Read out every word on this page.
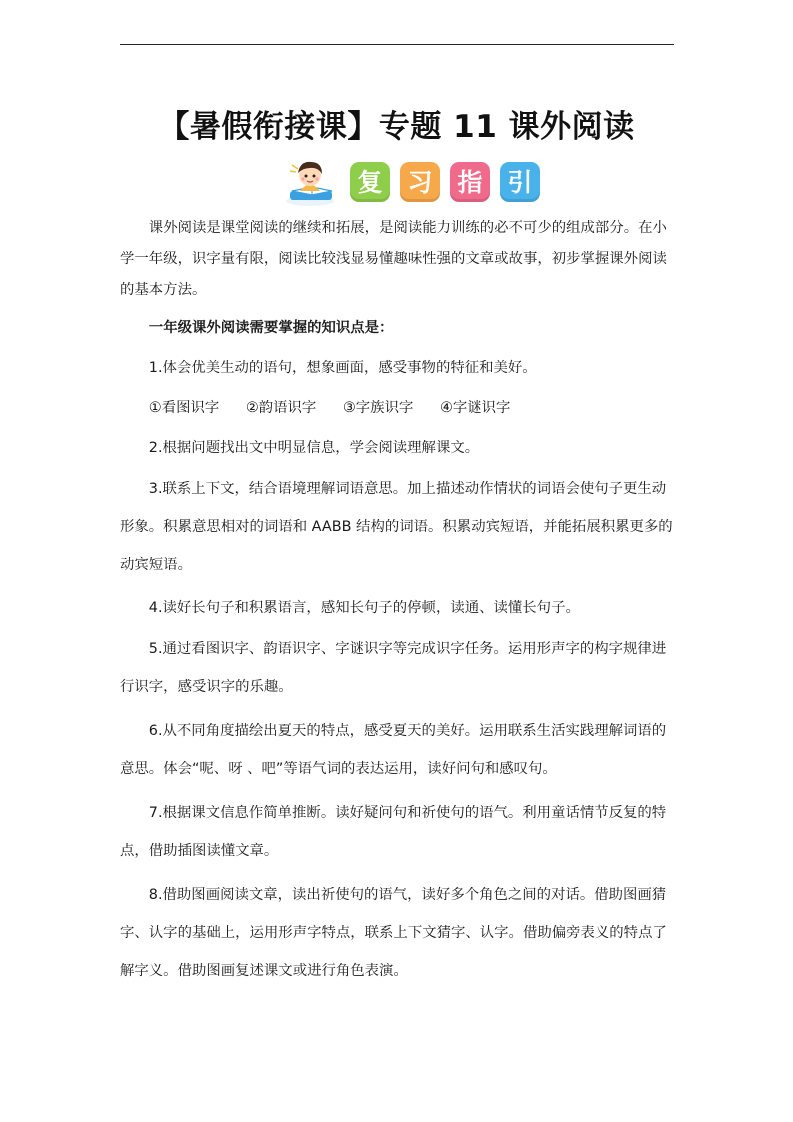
【暑假衔接课】专题 11 课外阅读
复 习 指 引

课外阅读是课堂阅读的继续和拓展，是阅读能力训练的必不可少的组成部分。在小学一年级，识字量有限，阅读比较浅显易懂趣味性强的文章或故事，初步掌握课外阅读的基本方法。

一年级课外阅读需要掌握的知识点是：

1.体会优美生动的语句，想象画面，感受事物的特征和美好。

①看图识字 ②韵语识字 ③字族识字 ④字谜识字

2.根据问题找出文中明显信息，学会阅读理解课文。

3.联系上下文，结合语境理解词语意思。加上描述动作情状的词语会使句子更生动形象。积累意思相对的词语和 AABB 结构的词语。积累动宾短语，并能拓展积累更多的动宾短语。

4.读好长句子和积累语言，感知长句子的停顿，读通、读懂长句子。

5.通过看图识字、韵语识字、字谜识字等完成识字任务。运用形声字的构字规律进行识字，感受识字的乐趣。

6.从不同角度描绘出夏天的特点，感受夏天的美好。运用联系生活实践理解词语的意思。体会“呢、呀 、吧”等语气词的表达运用，读好问句和感叹句。

7.根据课文信息作简单推断。读好疑问句和祈使句的语气。利用童话情节反复的特点，借助插图读懂文章。

8.借助图画阅读文章，读出祈使句的语气，读好多个角色之间的对话。借助图画猜字、认字的基础上，运用形声字特点，联系上下文猜字、认字。借助偏旁表义的特点了解字义。借助图画复述课文或进行角色表演。
